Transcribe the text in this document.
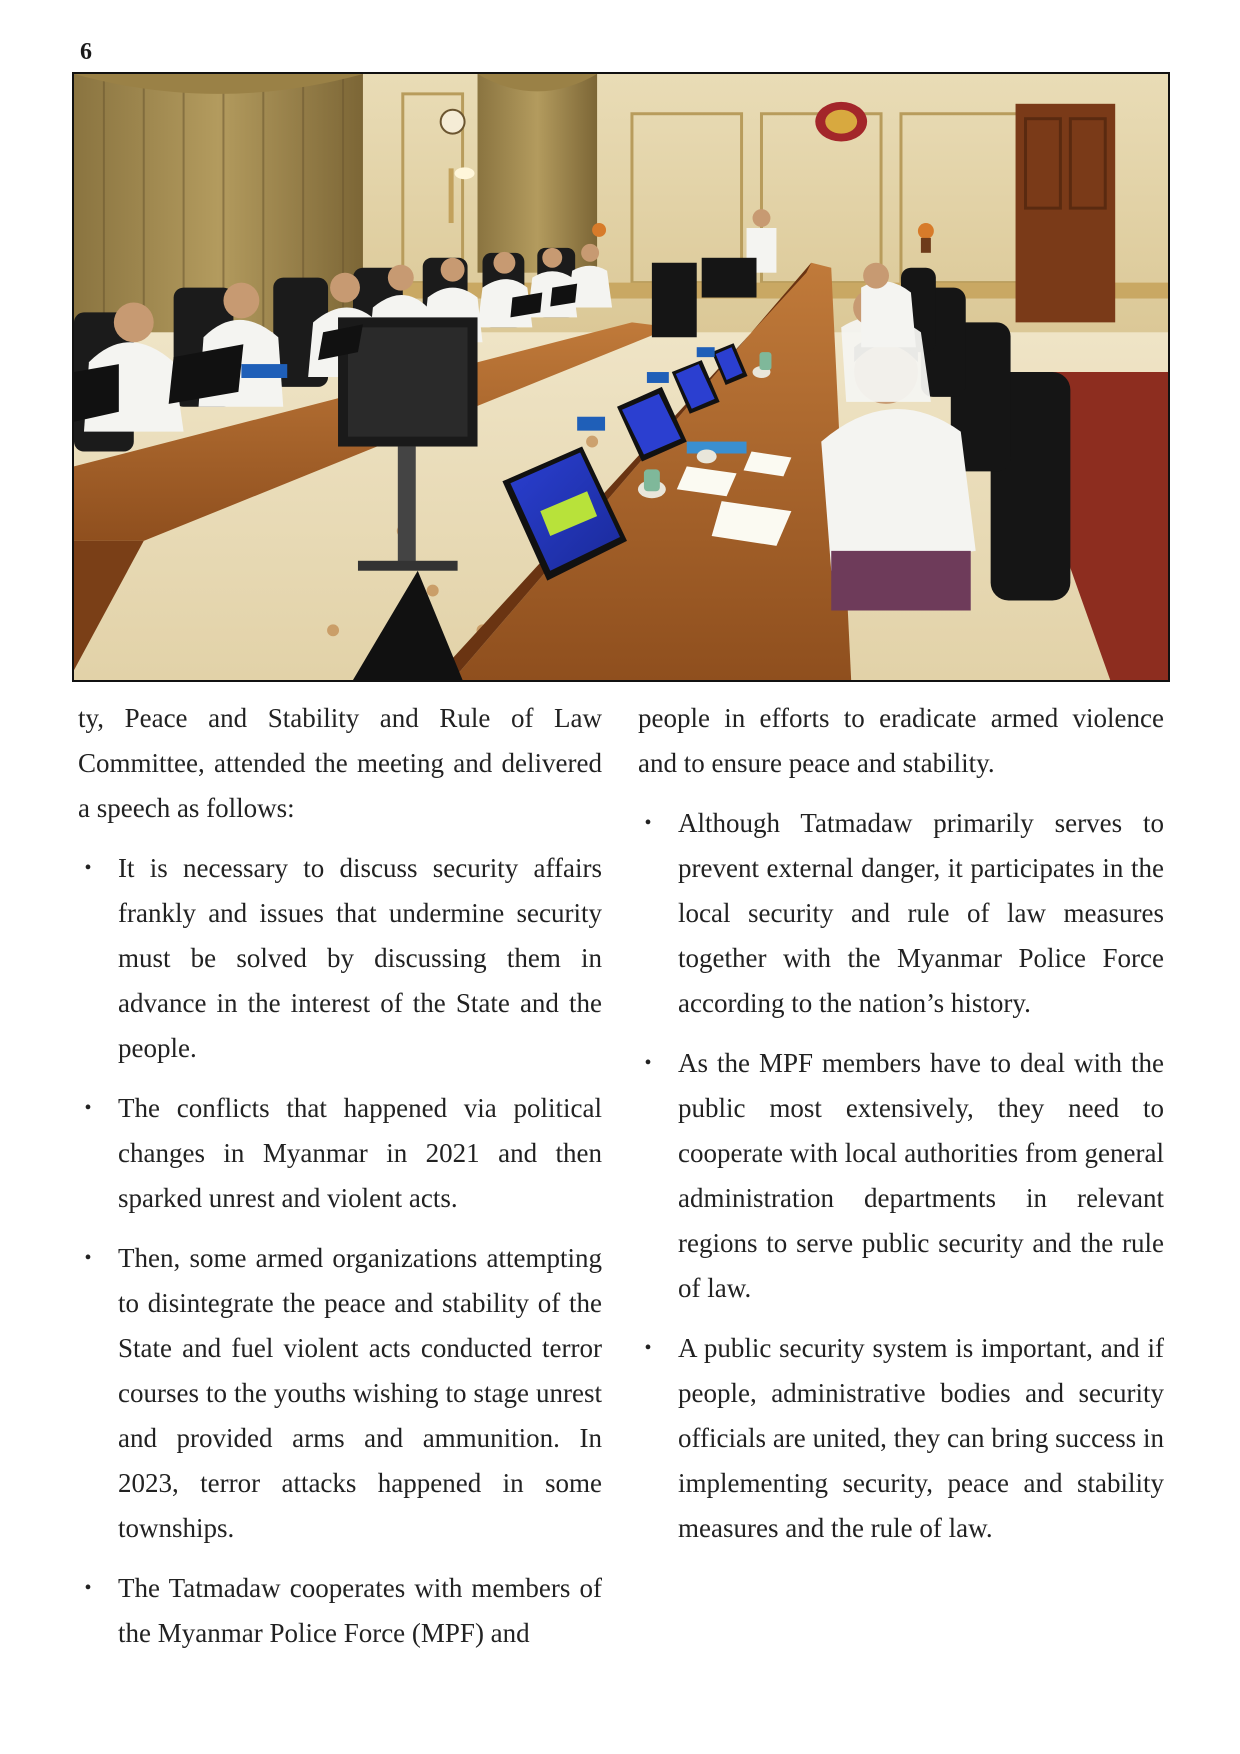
6

ty, Peace and Stability and Rule of Law Committee, attended the meeting and delivered a speech as follows:

• It is necessary to discuss security affairs frankly and issues that undermine security must be solved by discussing them in advance in the interest of the State and the people.
• The conflicts that happened via political changes in Myanmar in 2021 and then sparked unrest and violent acts.
• Then, some armed organizations attempting to disintegrate the peace and stability of the State and fuel violent acts conducted terror courses to the youths wishing to stage unrest and provided arms and ammunition. In 2023, terror attacks happened in some townships.
• The Tatmadaw cooperates with members of the Myanmar Police Force (MPF) and

people in efforts to eradicate armed violence and to ensure peace and stability.

• Although Tatmadaw primarily serves to prevent external danger, it participates in the local security and rule of law measures together with the Myanmar Police Force according to the nation’s history.
• As the MPF members have to deal with the public most extensively, they need to cooperate with local authorities from general administration departments in relevant regions to serve public security and the rule of law.
• A public security system is important, and if people, administrative bodies and security officials are united, they can bring success in implementing security, peace and stability measures and the rule of law.
